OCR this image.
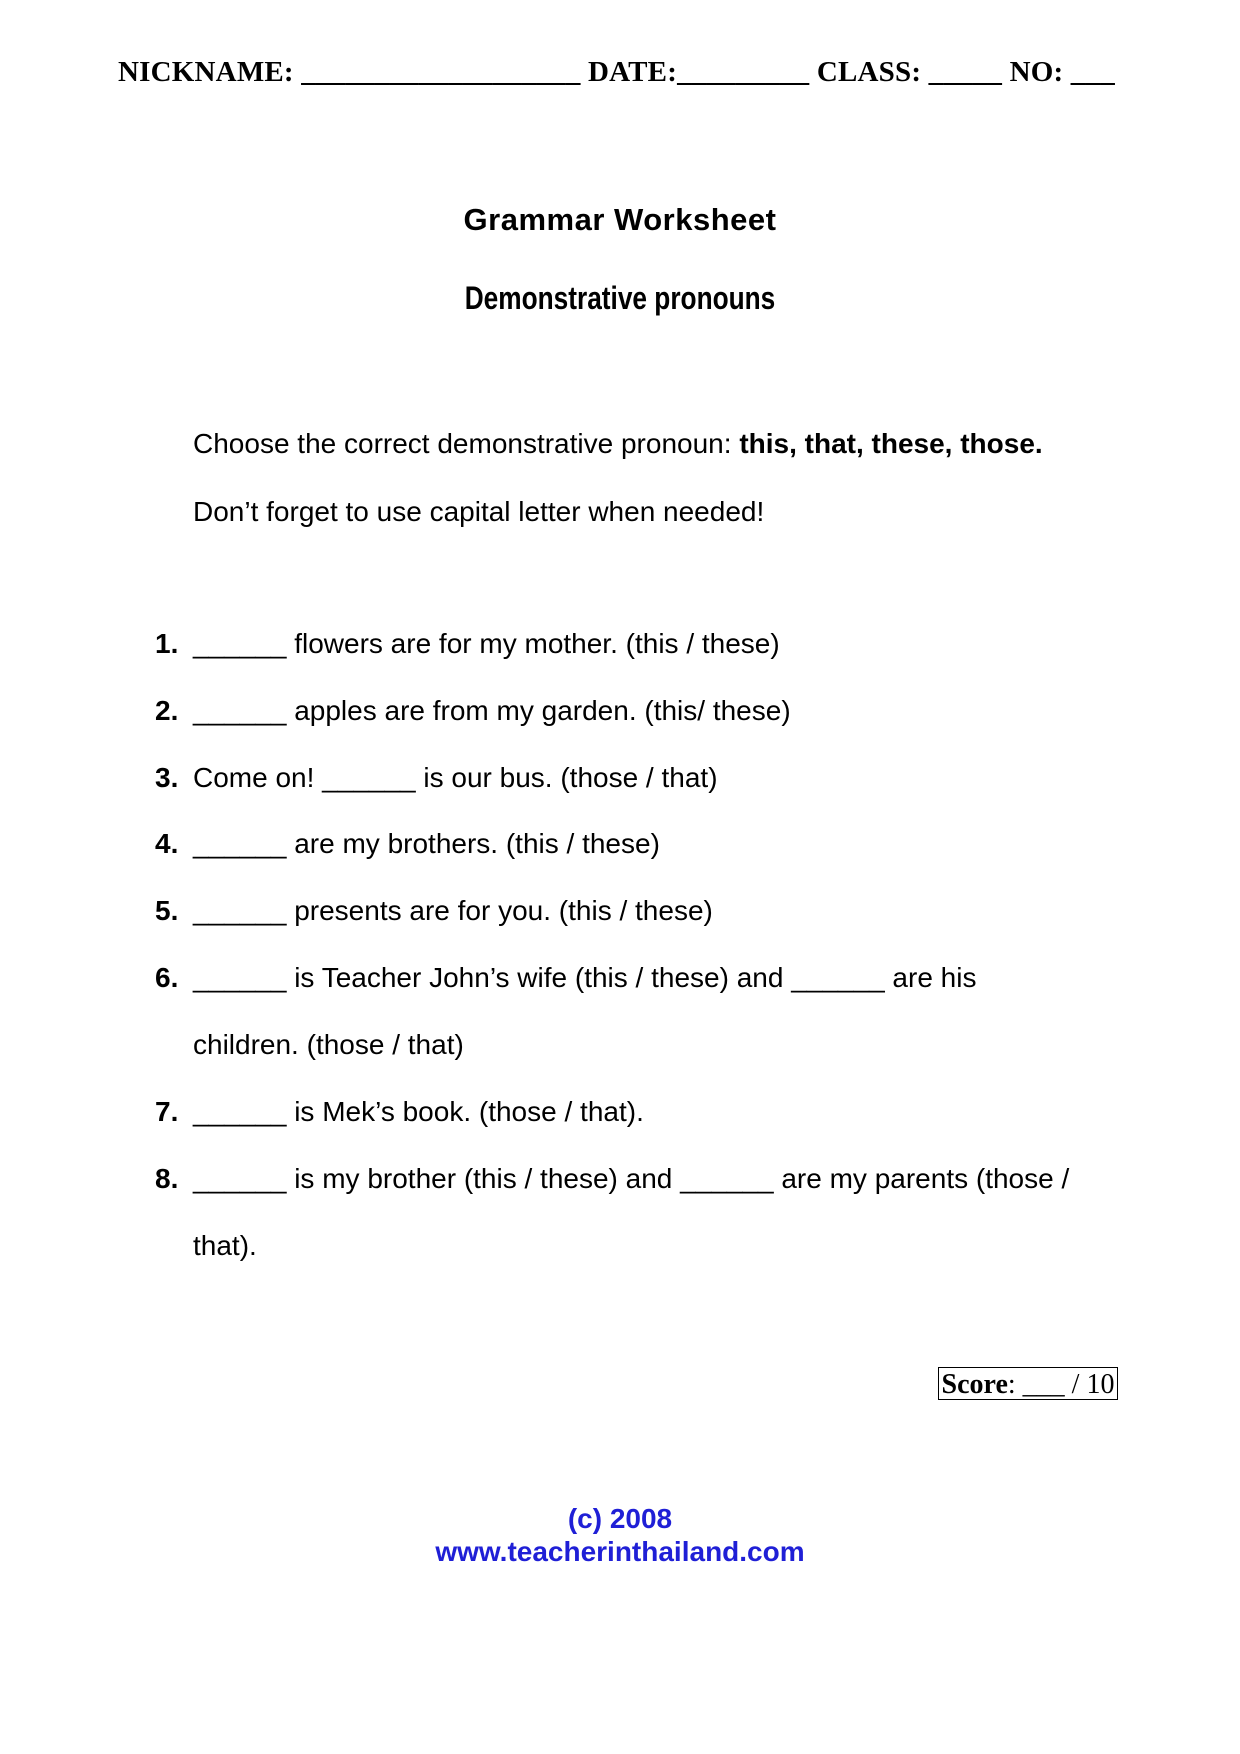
NICKNAME: ___________________ DATE:_________ CLASS: _____ NO: ___
Grammar Worksheet
Demonstrative pronouns
Choose the correct demonstrative pronoun: this, that, these, those.
Don’t forget to use capital letter when needed!
1. ______ flowers are for my mother. (this / these)
2. ______ apples are from my garden. (this/ these)
3. Come on! ______ is our bus. (those / that)
4. ______ are my brothers. (this / these)
5. ______ presents are for you. (this / these)
6. ______ is Teacher John’s wife (this / these) and ______ are his
children. (those / that)
7. ______ is Mek’s book. (those / that).
8. ______ is my brother (this / these) and ______ are my parents (those /
that).
Score: ___ / 10
(c) 2008
www.teacherinthailand.com
